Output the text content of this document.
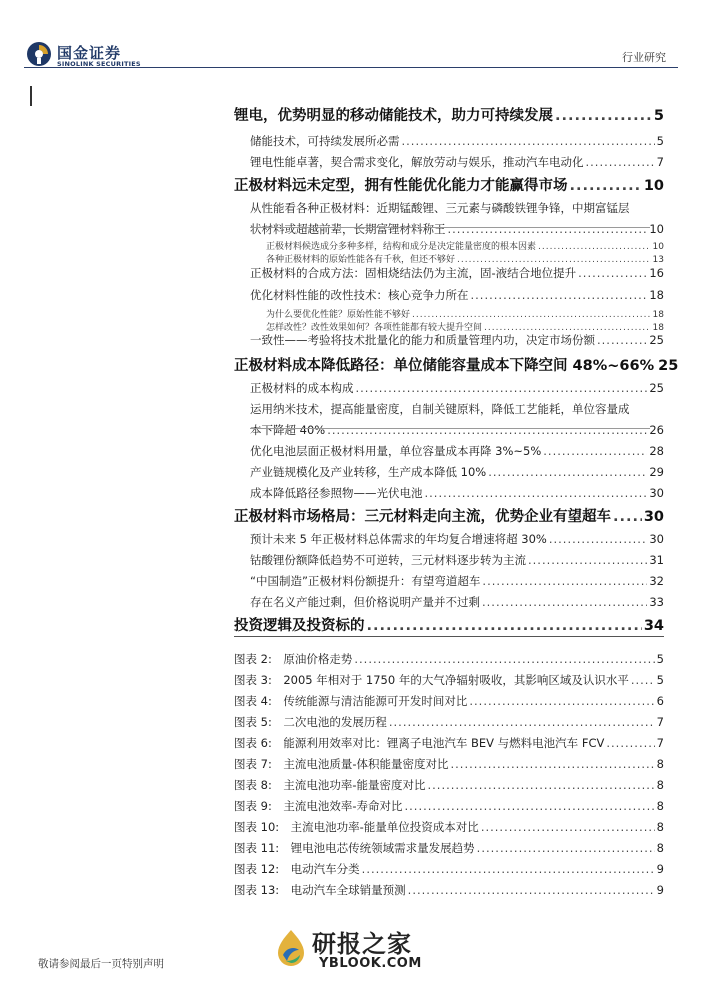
国金证券
SINOLINK SECURITIES	行业研究
锂电，优势明显的移动储能技术，助力可持续发展 .....	5
储能技术，可持续发展所必需 .....	5
锂电性能卓著，契合需求变化，解放劳动与娱乐，推动汽车电动化 .....	7
正极材料远未定型，拥有性能优化能力才能赢得市场 .....	10
从性能看各种正极材料：近期锰酸锂、三元素与磷酸铁锂争锋，中期富锰层
状材料或超越前辈，长期富锂材料称王 .....	10
正极材料候选成分多种多样，结构和成分是决定能量密度的根本因素 .....	10
各种正极材料的原始性能各有千秋，但还不够好 .....	13
正极材料的合成方法：固相烧结法仍为主流，固-液结合地位提升 .....	16
优化材料性能的改性技术：核心竞争力所在 .....	18
为什么要优化性能？原始性能不够好 .....	18
怎样改性？改性效果如何？各项性能都有较大提升空间 .....	18
一致性——考验将技术批量化的能力和质量管理内功，决定市场份额 .....	25
正极材料成本降低路径：单位储能容量成本下降空间 48%~66% 25
正极材料的成本构成 .....	25
运用纳米技术，提高能量密度，自制关键原料，降低工艺能耗，单位容量成
本下降超 40% .....	26
优化电池层面正极材料用量，单位容量成本再降 3%~5% .....	28
产业链规模化及产业转移，生产成本降低 10% .....	29
成本降低路径参照物——光伏电池 .....	30
正极材料市场格局：三元材料走向主流，优势企业有望超车 ..... 30
预计未来 5 年正极材料总体需求的年均复合增速将超 30% .....	30
钴酸锂份额降低趋势不可逆转，三元材料逐步转为主流 .....	31
“中国制造”正极材料份额提升：有望弯道超车 .....	32
存在名义产能过剩，但价格说明产量并不过剩 .....	33
投资逻辑及投资标的 .....	34
图表 2:　原油价格走势 .....	5
图表 3:　2005 年相对于 1750 年的大气净辐射吸收，其影响区域及认识水平 ..... 5
图表 4:　传统能源与清洁能源可开发时间对比 .....	6
图表 5:　二次电池的发展历程 .....	7
图表 6:　能源利用效率对比：锂离子电池汽车 BEV 与燃料电池汽车 FCV .....	7
图表 7:　主流电池质量-体积能量密度对比 .....	8
图表 8:　主流电池功率-能量密度对比 .....	8
图表 9:　主流电池效率-寿命对比 .....	8
图表 10:　主流电池功率-能量单位投资成本对比 .....	8
图表 11:　锂电池电芯传统领域需求量发展趋势 .....	8
图表 12:　电动汽车分类 .....	9
图表 13:　电动汽车全球销量预测 .....	9
研报之家
YBLOOK.COM
敬请参阅最后一页特别声明
